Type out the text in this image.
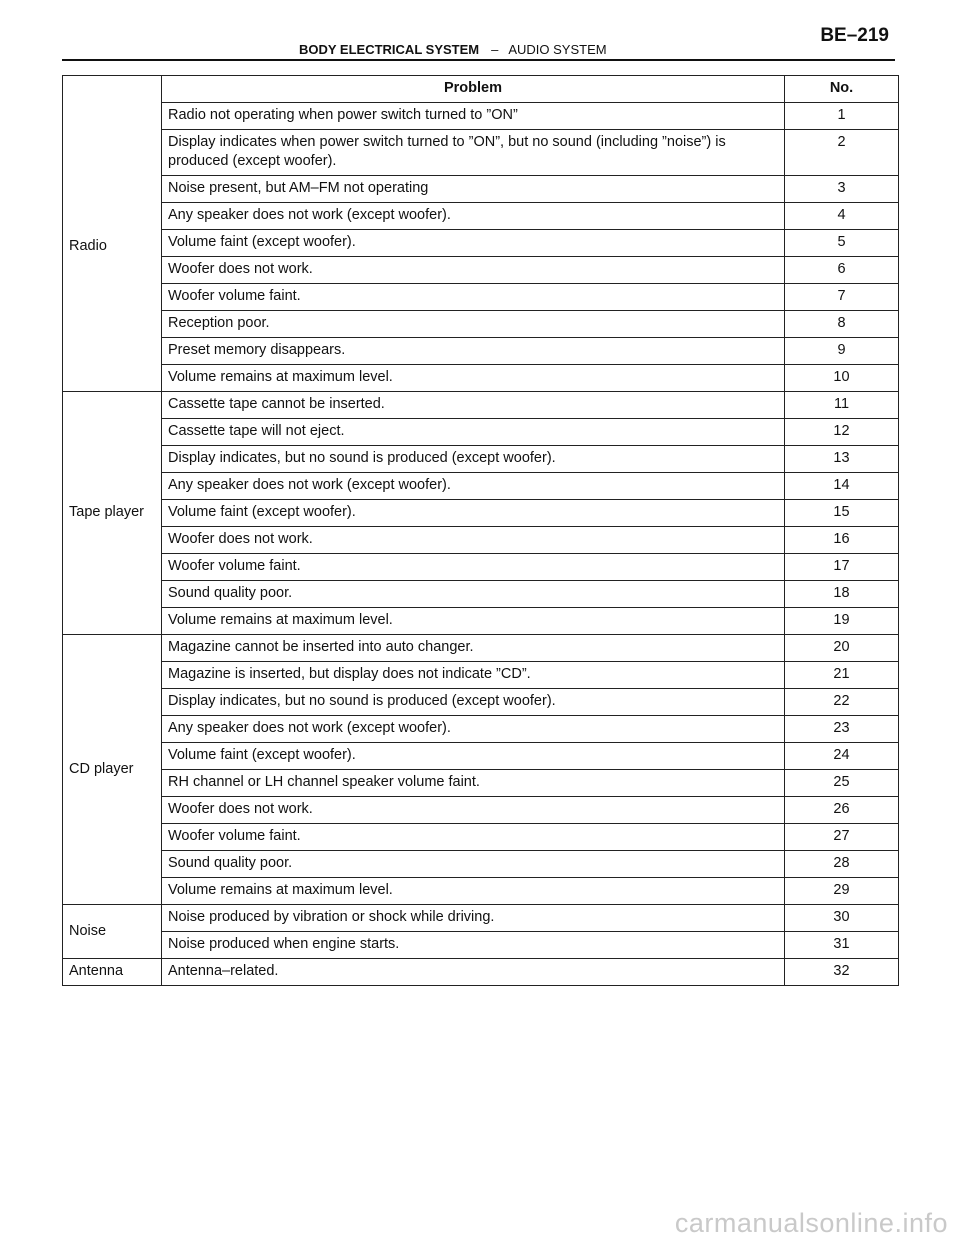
BODY ELECTRICAL SYSTEM – AUDIO SYSTEM
BE–219
	Problem	No.
Radio	Radio not operating when power switch turned to ”ON”	1
	Display indicates when power switch turned to ”ON”, but no sound (including ”noise”) is produced (except woofer).	2
	Noise present, but AM–FM not operating	3
	Any speaker does not work (except woofer).	4
	Volume faint (except woofer).	5
	Woofer does not work.	6
	Woofer volume faint.	7
	Reception poor.	8
	Preset memory disappears.	9
	Volume remains at maximum level.	10
Tape player	Cassette tape cannot be inserted.	11
	Cassette tape will not eject.	12
	Display indicates, but no sound is produced (except woofer).	13
	Any speaker does not work (except woofer).	14
	Volume faint (except woofer).	15
	Woofer does not work.	16
	Woofer volume faint.	17
	Sound quality poor.	18
	Volume remains at maximum level.	19
CD player	Magazine cannot be inserted into auto changer.	20
	Magazine is inserted, but display does not indicate ”CD”.	21
	Display indicates, but no sound is produced (except woofer).	22
	Any speaker does not work (except woofer).	23
	Volume faint (except woofer).	24
	RH channel or LH channel speaker volume faint.	25
	Woofer does not work.	26
	Woofer volume faint.	27
	Sound quality poor.	28
	Volume remains at maximum level.	29
Noise	Noise produced by vibration or shock while driving.	30
	Noise produced when engine starts.	31
Antenna	Antenna–related.	32
carmanualsonline.info
